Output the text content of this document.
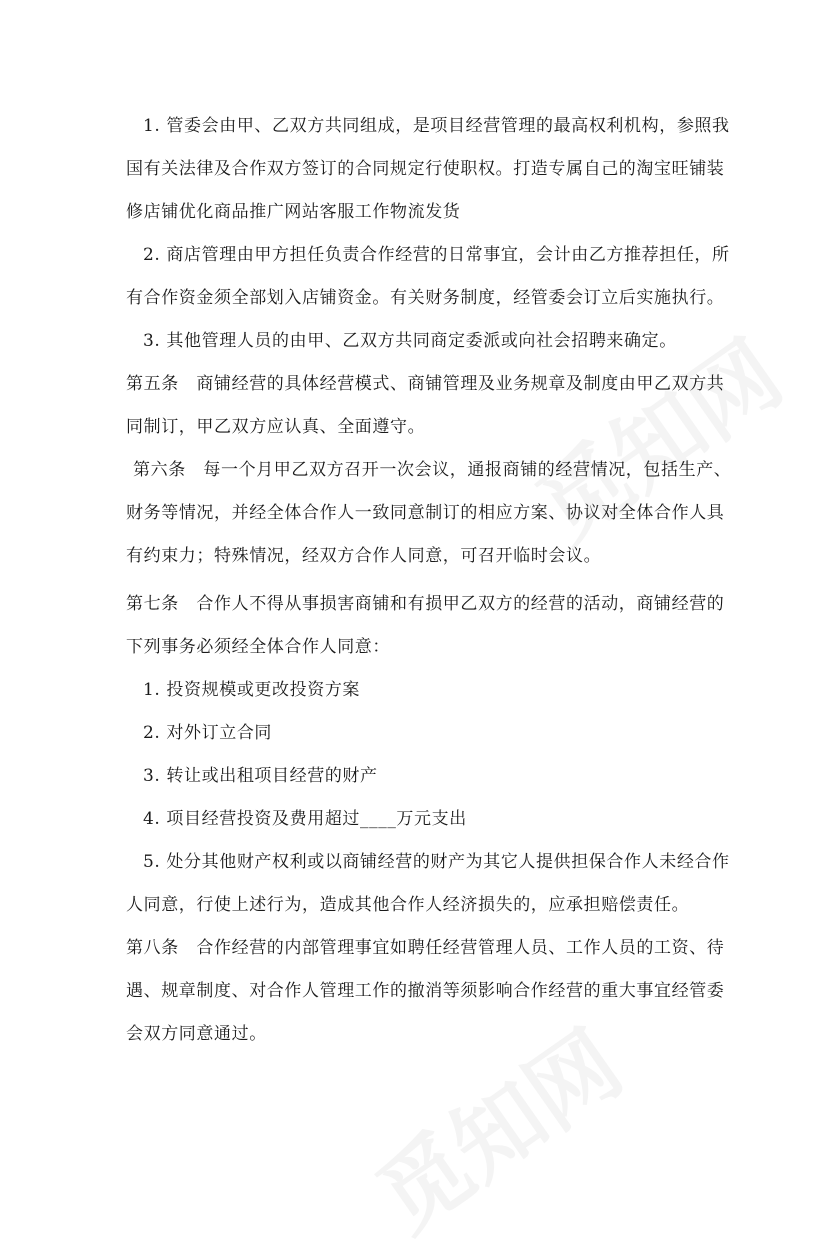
1. 管委会由甲、乙双方共同组成，是项目经营管理的最高权利机构，参照我
国有关法律及合作双方签订的合同规定行使职权。打造专属自己的淘宝旺铺装
修店铺优化商品推广网站客服工作物流发货
2. 商店管理由甲方担任负责合作经营的日常事宜，会计由乙方推荐担任，所
有合作资金须全部划入店铺资金。有关财务制度，经管委会订立后实施执行。
3. 其他管理人员的由甲、乙双方共同商定委派或向社会招聘来确定。
第五条　商铺经营的具体经营模式、商铺管理及业务规章及制度由甲乙双方共
同制订，甲乙双方应认真、全面遵守。
第六条　每一个月甲乙双方召开一次会议，通报商铺的经营情况，包括生产、
财务等情况，并经全体合作人一致同意制订的相应方案、协议对全体合作人具
有约束力；特殊情况，经双方合作人同意，可召开临时会议。
第七条　合作人不得从事损害商铺和有损甲乙双方的经营的活动，商铺经营的
下列事务必须经全体合作人同意：
1. 投资规模或更改投资方案
2. 对外订立合同
3. 转让或出租项目经营的财产
4. 项目经营投资及费用超过____万元支出
5. 处分其他财产权利或以商铺经营的财产为其它人提供担保合作人未经合作
人同意，行使上述行为，造成其他合作人经济损失的，应承担赔偿责任。
第八条　合作经营的内部管理事宜如聘任经营管理人员、工作人员的工资、待
遇、规章制度、对合作人管理工作的撤消等须影响合作经营的重大事宜经管委
会双方同意通过。
